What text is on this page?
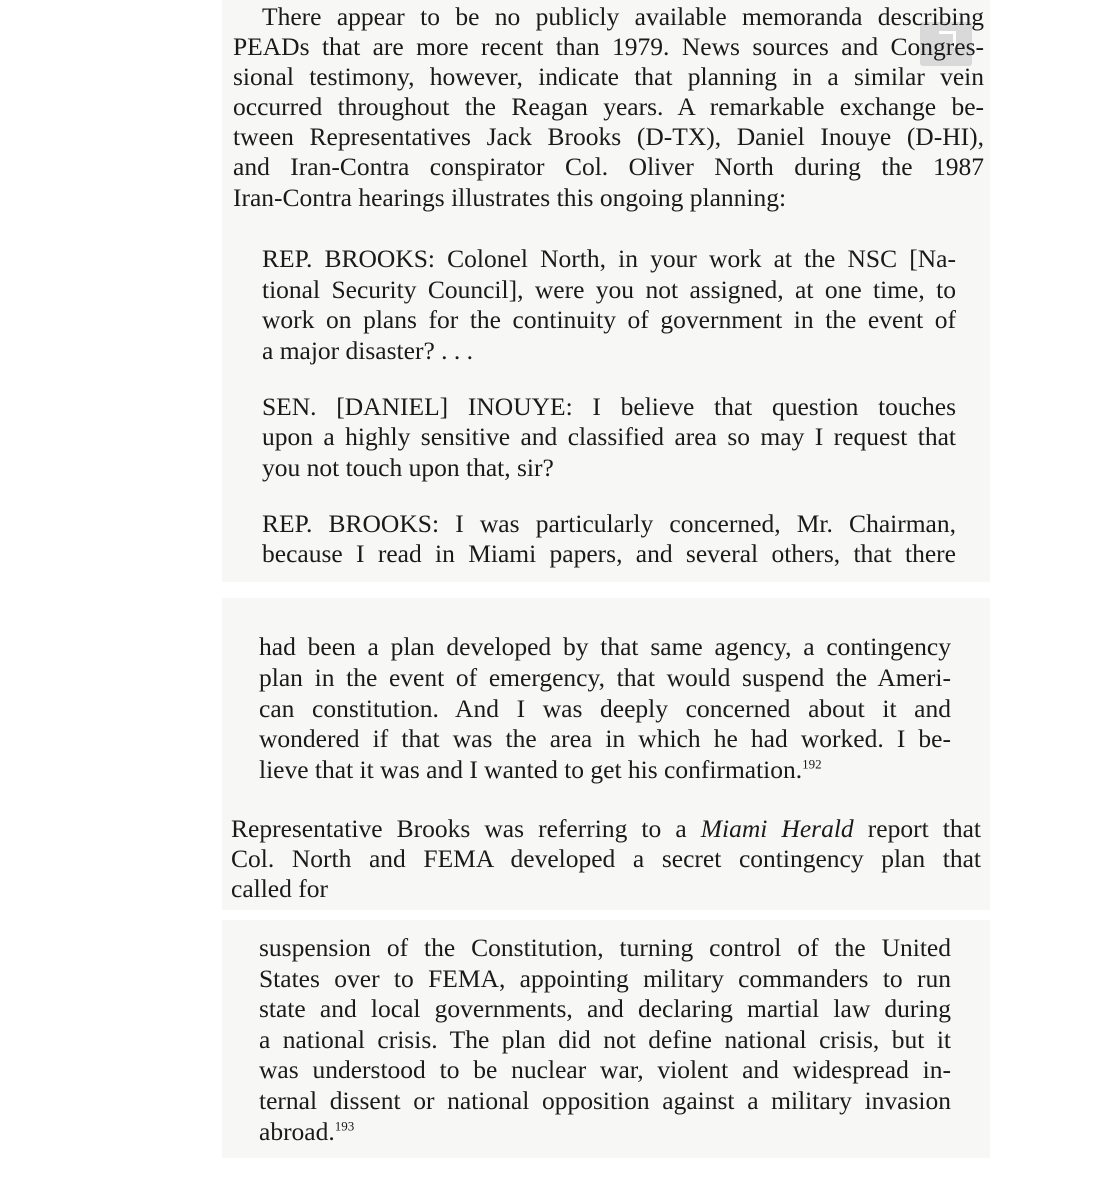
There appear to be no publicly available memoranda describing
PEADs that are more recent than 1979. News sources and Congres-
sional testimony, however, indicate that planning in a similar vein
occurred throughout the Reagan years. A remarkable exchange be-
tween Representatives Jack Brooks (D-TX), Daniel Inouye (D-HI),
and Iran-Contra conspirator Col. Oliver North during the 1987
Iran-Contra hearings illustrates this ongoing planning:
REP. BROOKS: Colonel North, in your work at the NSC [Na-
tional Security Council], were you not assigned, at one time, to
work on plans for the continuity of government in the event of
a major disaster? . . .
SEN. [DANIEL] INOUYE: I believe that question touches
upon a highly sensitive and classified area so may I request that
you not touch upon that, sir?
REP. BROOKS: I was particularly concerned, Mr. Chairman,
because I read in Miami papers, and several others, that there
had been a plan developed by that same agency, a contingency
plan in the event of emergency, that would suspend the Ameri-
can constitution. And I was deeply concerned about it and
wondered if that was the area in which he had worked. I be-
lieve that it was and I wanted to get his confirmation.$^{192}$
Representative Brooks was referring to a Miami Herald report that
Col. North and FEMA developed a secret contingency plan that
called for
suspension of the Constitution, turning control of the United
States over to FEMA, appointing military commanders to run
state and local governments, and declaring martial law during
a national crisis. The plan did not define national crisis, but it
was understood to be nuclear war, violent and widespread in-
ternal dissent or national opposition against a military invasion
abroad.$^{193}$
